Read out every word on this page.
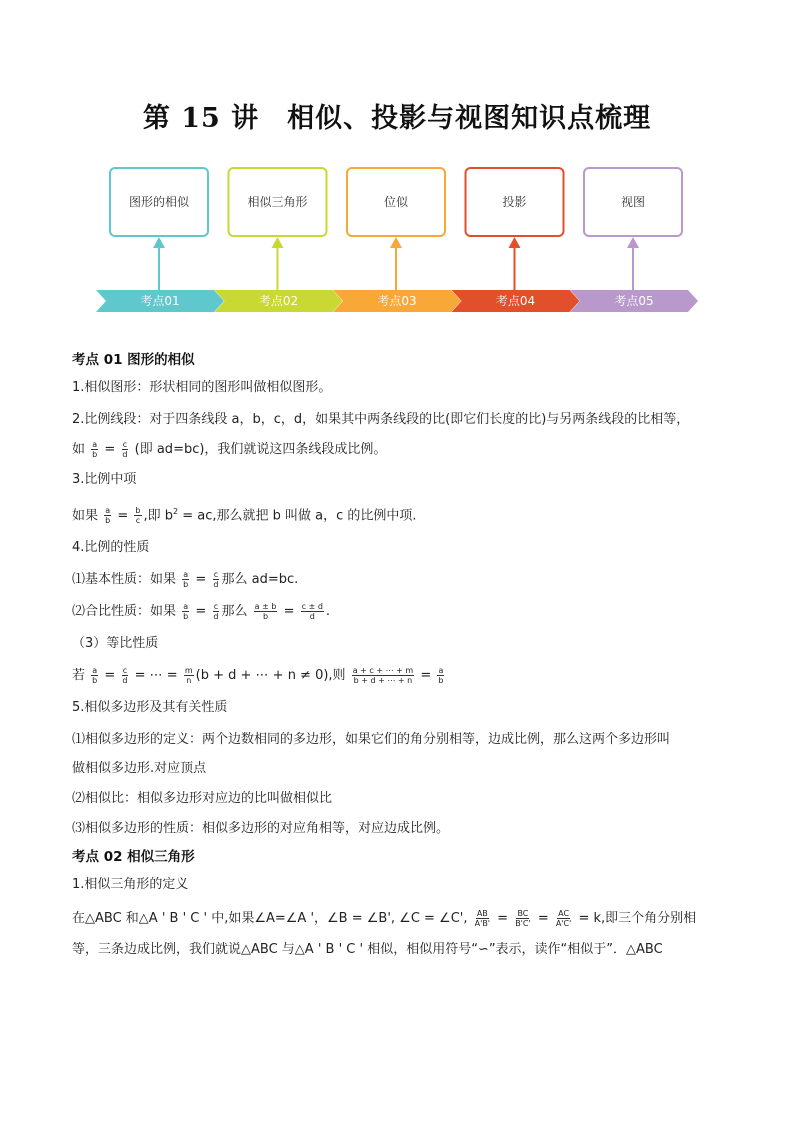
第 15 讲　相似、投影与视图知识点梳理
图形的相似	相似三角形	位似	投影	视图
考点01	考点02	考点03	考点04	考点05

考点 01 图形的相似

1.相似图形：形状相同的图形叫做相似图形。

2.比例线段：对于四条线段 a，b，c，d，如果其中两条线段的比(即它们长度的比)与另两条线段的比相等，

如 $\frac{a}{b} = \frac{c}{d}$ (即 ad=bc)，我们就说这四条线段成比例。

3.比例中项

如果 $\frac{a}{b} = \frac{b}{c}$ ,即 $b^2$ = ac,那么就把 b 叫做 a，c 的比例中项.

4.比例的性质

⑴基本性质：如果 $\frac{a}{b} = \frac{c}{d}$ 那么 ad=bc.

⑵合比性质：如果 $\frac{a}{b} = \frac{c}{d}$ 那么 $\frac{a \pm b}{b} = \frac{c \pm d}{d}$ .

（3）等比性质

若 $\frac{a}{b} = \frac{c}{d}$ = ⋯ = $\frac{m}{n} (b + d$ + ⋯ + n ≠ 0),则 $\frac{a + c + \cdots + m}{b + d + \cdots + n} = \frac{a}{b}$

5.相似多边形及其有关性质

⑴相似多边形的定义：两个边数相同的多边形，如果它们的角分别相等，边成比例，那么这两个多边形叫

做相似多边形.对应顶点

⑵相似比：相似多边形对应边的比叫做相似比

⑶相似多边形的性质：相似多边形的对应角相等，对应边成比例。

考点 02 相似三角形

1.相似三角形的定义

在△ABC 和△A ' B ' C ' 中,如果∠A=∠A '，∠B = ∠B', ∠C = ∠C', $\frac{AB}{A'B'} = \frac{BC}{B'C'} = \frac{AC}{A'C'} = k$,即三个角分别相

等，三条边成比例，我们就说△ABC 与△A ' B ' C ' 相似，相似用符号“∽”表示，读作“相似于”．△ABC
